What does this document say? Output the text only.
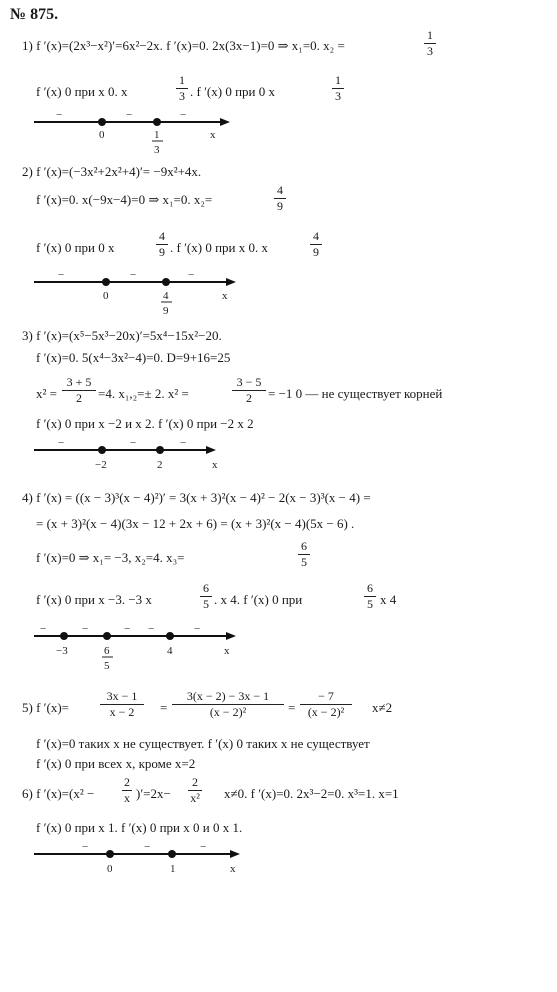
№ 875.
1) f ′(x)=(2x³−x²)′=6x²−2x. f ′(x)=0. 2x(3x−1)=0 ⇒ x₁=0. x₂ =
1
3
f ′(x) 0 при x 0. x
1
3 . f ′(x) 0 при 0 x
1
3
−	−	−
0	1
3
x
2) f ′(x)=(−3x²+2x²+4)′= −9x²+4x.
f ′(x)=0. x(−9x−4)=0 ⇒ x₁=0. x₂=
4
9
f ′(x) 0 при 0 x
4
9 . f ′(x) 0 при x 0. x
4
9
−	−	−
0	4
9
x
3) f ′(x)=(x⁵−5x³−20x)′=5x⁴−15x²−20.
f ′(x)=0. 5(x⁴−3x²−4)=0. D=9+16=25
x² =
3 + 5
2	=4. x₁,₂=± 2. x² =
3 − 5
2	= −1 0 — не существует корней
f ′(x) 0 при x −2 и x 2. f ′(x) 0 при −2 x 2
−	−	−
−2	2	x
4) f ′(x) = ((x − 3)³(x − 4)²)′ = 3(x + 3)²(x − 4)² − 2(x − 3)³(x − 4) =
= (x + 3)²(x − 4)(3x − 12 + 2x + 6) = (x + 3)²(x − 4)(5x − 6) .
f ′(x)=0 ⇒ x₁= −3, x₂=4. x₃=
6
5
f ′(x) 0 при x −3. −3 x
6
5 . x 4. f ′(x) 0 при
6
5 x 4
−	−	− −	−
−3	6
5
4	x
5) f ′(x)=
3x − 1
x − 2	=
3(x − 2) − 3x − 1
(x − 2)²	=
− 7
(x − 2)²	x≠2
f ′(x)=0 таких x не существует. f ′(x) 0 таких x не существует
f ′(x) 0 при всех x, кроме x=2
6) f ′(x)=(x² −
2
x )′=2x−
2
x² x≠0. f ′(x)=0. 2x³−2=0. x³=1. x=1
f ′(x) 0 при x 1. f ′(x) 0 при x 0 и 0 x 1.
−	−	−
0	1	x
